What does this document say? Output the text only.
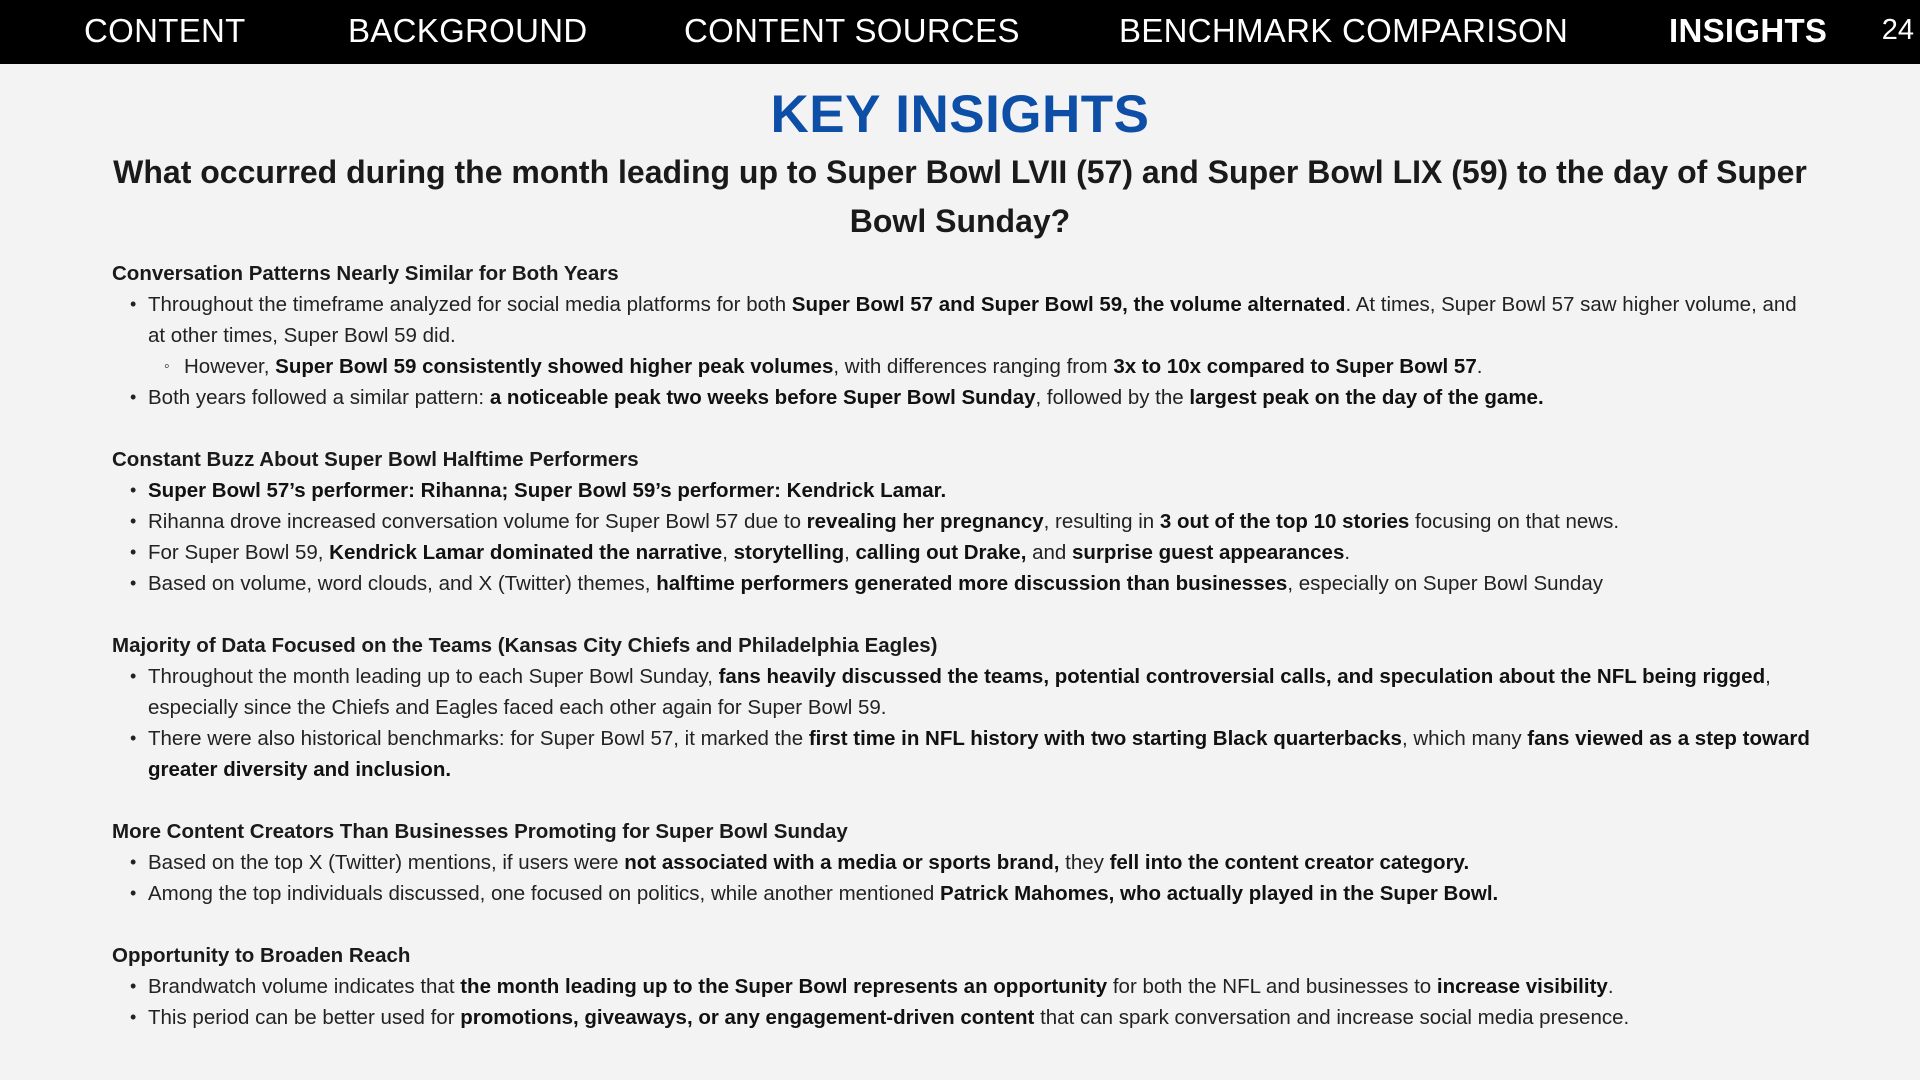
CONTENT	BACKGROUND	CONTENT SOURCES	BENCHMARK COMPARISON	INSIGHTS 24
KEY INSIGHTS
What occurred during the month leading up to Super Bowl LVII (57) and Super Bowl LIX (59) to the day of Super Bowl Sunday?
Conversation Patterns Nearly Similar for Both Years
• Throughout the timeframe analyzed for social media platforms for both Super Bowl 57 and Super Bowl 59, the volume alternated. At times, Super Bowl 57 saw higher volume, and at other times, Super Bowl 59 did.
◦ However, Super Bowl 59 consistently showed higher peak volumes, with differences ranging from 3x to 10x compared to Super Bowl 57.
• Both years followed a similar pattern: a noticeable peak two weeks before Super Bowl Sunday, followed by the largest peak on the day of the game.
Constant Buzz About Super Bowl Halftime Performers
• Super Bowl 57’s performer: Rihanna; Super Bowl 59’s performer: Kendrick Lamar.
• Rihanna drove increased conversation volume for Super Bowl 57 due to revealing her pregnancy, resulting in 3 out of the top 10 stories focusing on that news.
• For Super Bowl 59, Kendrick Lamar dominated the narrative, storytelling, calling out Drake, and surprise guest appearances.
• Based on volume, word clouds, and X (Twitter) themes, halftime performers generated more discussion than businesses, especially on Super Bowl Sunday
Majority of Data Focused on the Teams (Kansas City Chiefs and Philadelphia Eagles)
• Throughout the month leading up to each Super Bowl Sunday, fans heavily discussed the teams, potential controversial calls, and speculation about the NFL being rigged, especially since the Chiefs and Eagles faced each other again for Super Bowl 59.
• There were also historical benchmarks: for Super Bowl 57, it marked the first time in NFL history with two starting Black quarterbacks, which many fans viewed as a step toward greater diversity and inclusion.
More Content Creators Than Businesses Promoting for Super Bowl Sunday
• Based on the top X (Twitter) mentions, if users were not associated with a media or sports brand, they fell into the content creator category.
• Among the top individuals discussed, one focused on politics, while another mentioned Patrick Mahomes, who actually played in the Super Bowl.
Opportunity to Broaden Reach
• Brandwatch volume indicates that the month leading up to the Super Bowl represents an opportunity for both the NFL and businesses to increase visibility.
• This period can be better used for promotions, giveaways, or any engagement-driven content that can spark conversation and increase social media presence.
